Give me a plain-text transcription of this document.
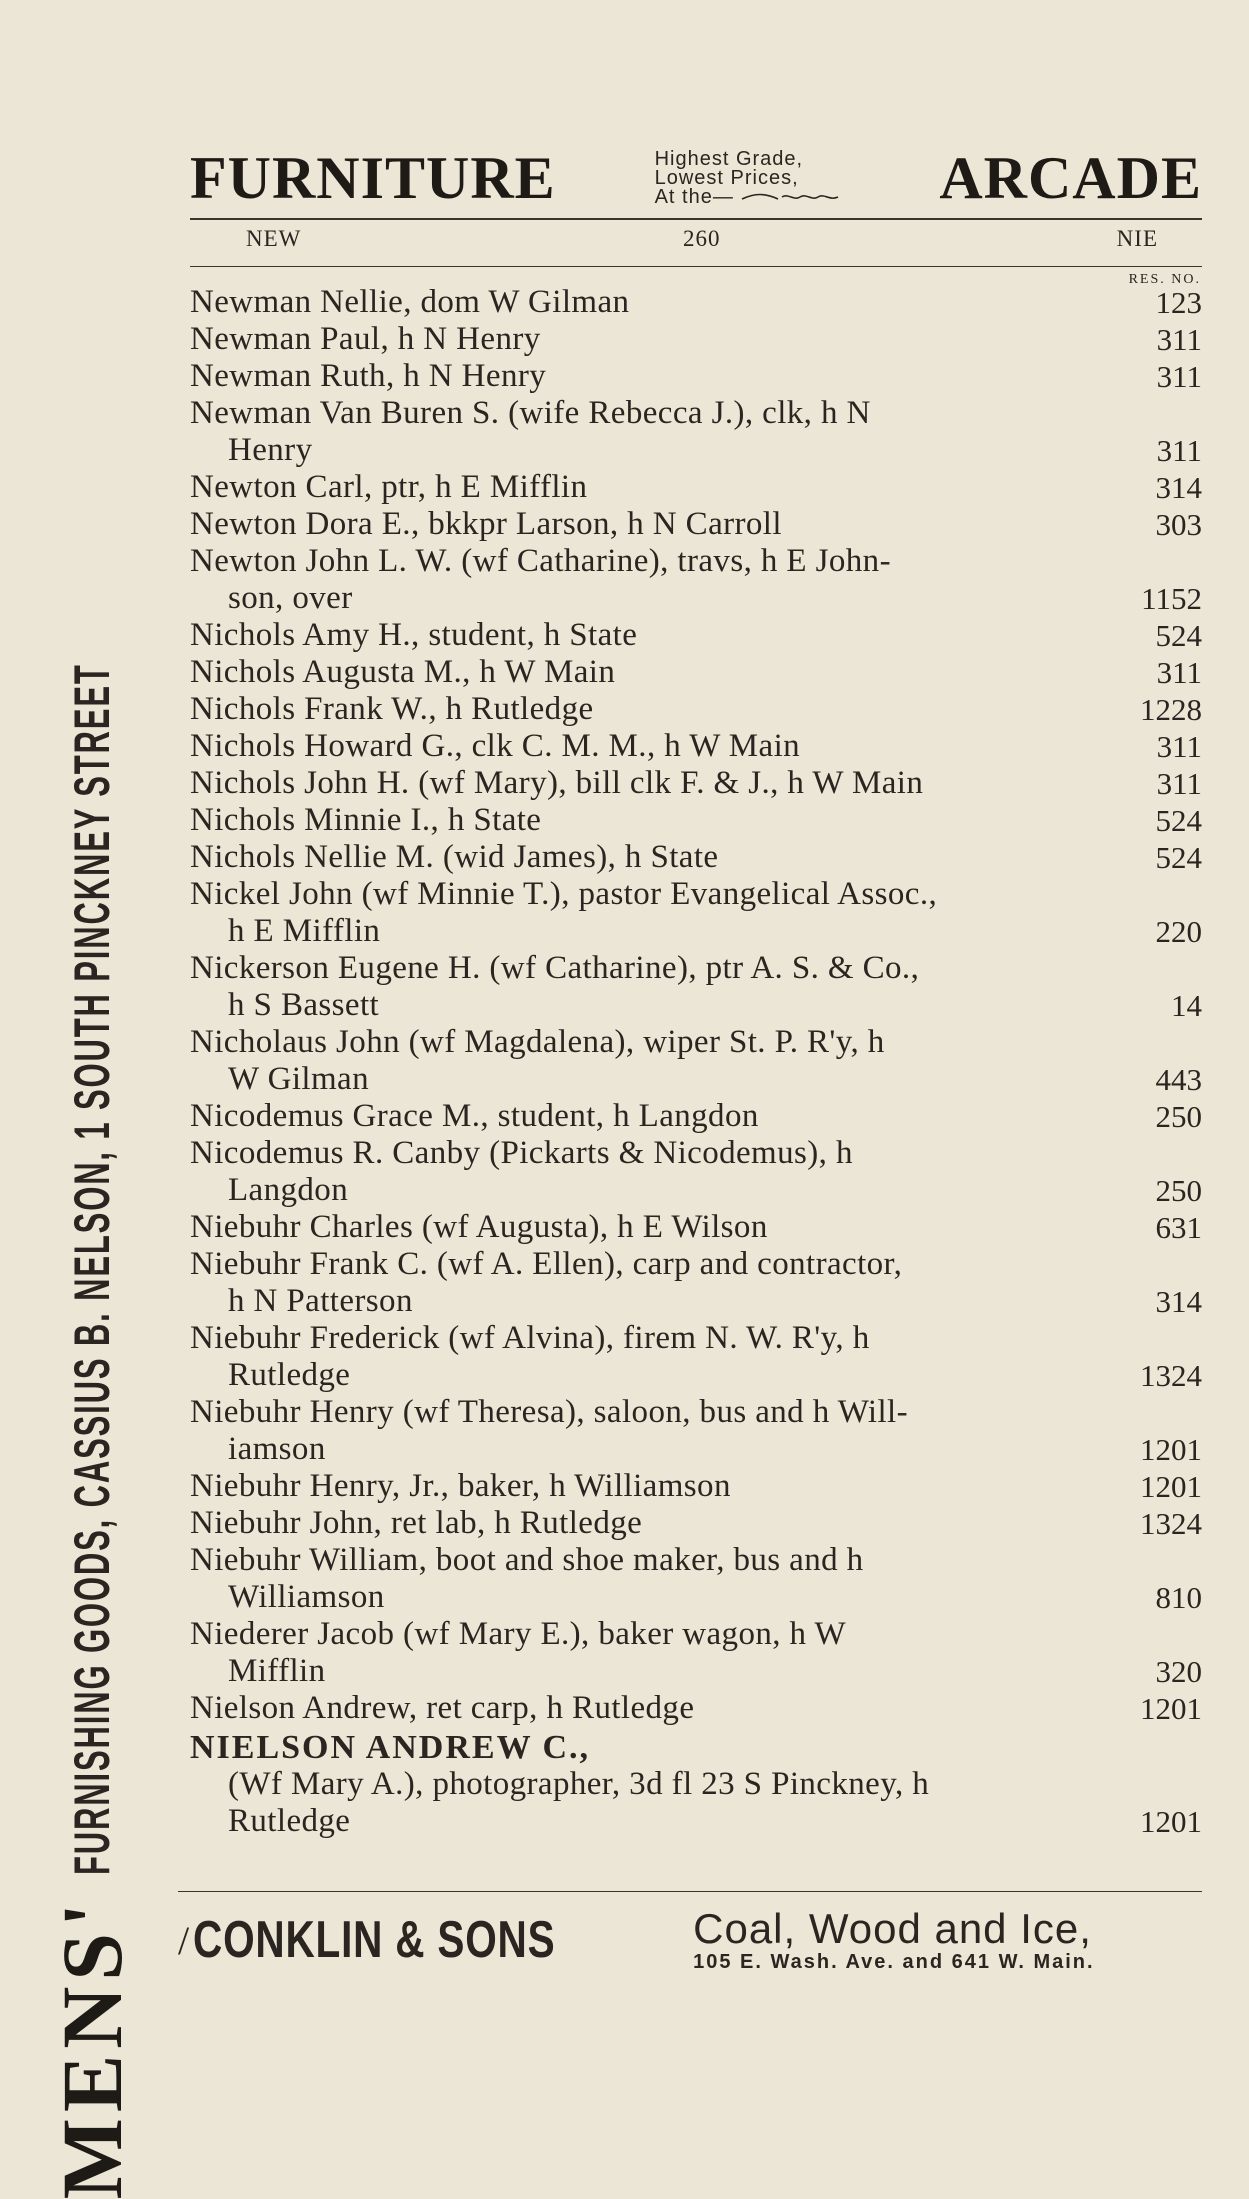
MENS'
FURNISHING GOODS, CASSIUS B. NELSON, 1 SOUTH PINCKNEY STREET
FURNITURE	Highest Grade,
Lowest Prices,
At the—	ARCADE
NEW	260	NIE
RES. NO.
Newman Nellie, dom W Gilman	123
Newman Paul, h N Henry	311
Newman Ruth, h N Henry	311
Newman Van Buren S. (wife Rebecca J.), clk, h N
Henry	311
Newton Carl, ptr, h E Mifflin	314
Newton Dora E., bkkpr Larson, h N Carroll	303
Newton John L. W. (wf Catharine), travs, h E John-
son, over	1152
Nichols Amy H., student, h State	524
Nichols Augusta M., h W Main	311
Nichols Frank W., h Rutledge	1228
Nichols Howard G., clk C. M. M., h W Main	311
Nichols John H. (wf Mary), bill clk F. & J., h W Main	311
Nichols Minnie I., h State	524
Nichols Nellie M. (wid James), h State	524
Nickel John (wf Minnie T.), pastor Evangelical Assoc.,
h E Mifflin	220
Nickerson Eugene H. (wf Catharine), ptr A. S. & Co.,
h S Bassett	14
Nicholaus John (wf Magdalena), wiper St. P. R'y, h
W Gilman	443
Nicodemus Grace M., student, h Langdon	250
Nicodemus R. Canby (Pickarts & Nicodemus), h
Langdon	250
Niebuhr Charles (wf Augusta), h E Wilson	631
Niebuhr Frank C. (wf A. Ellen), carp and contractor,
h N Patterson	314
Niebuhr Frederick (wf Alvina), firem N. W. R'y, h
Rutledge	1324
Niebuhr Henry (wf Theresa), saloon, bus and h Will-
iamson	1201
Niebuhr Henry, Jr., baker, h Williamson	1201
Niebuhr John, ret lab, h Rutledge	1324
Niebuhr William, boot and shoe maker, bus and h
Williamson	810
Niederer Jacob (wf Mary E.), baker wagon, h W
Mifflin	320
Nielson Andrew, ret carp, h Rutledge	1201
NIELSON ANDREW C.,
(Wf Mary A.), photographer, 3d fl 23 S Pinckney, h
Rutledge	1201
/ CONKLIN & SONS	Coal, Wood and Ice,
105 E. Wash. Ave. and 641 W. Main.
